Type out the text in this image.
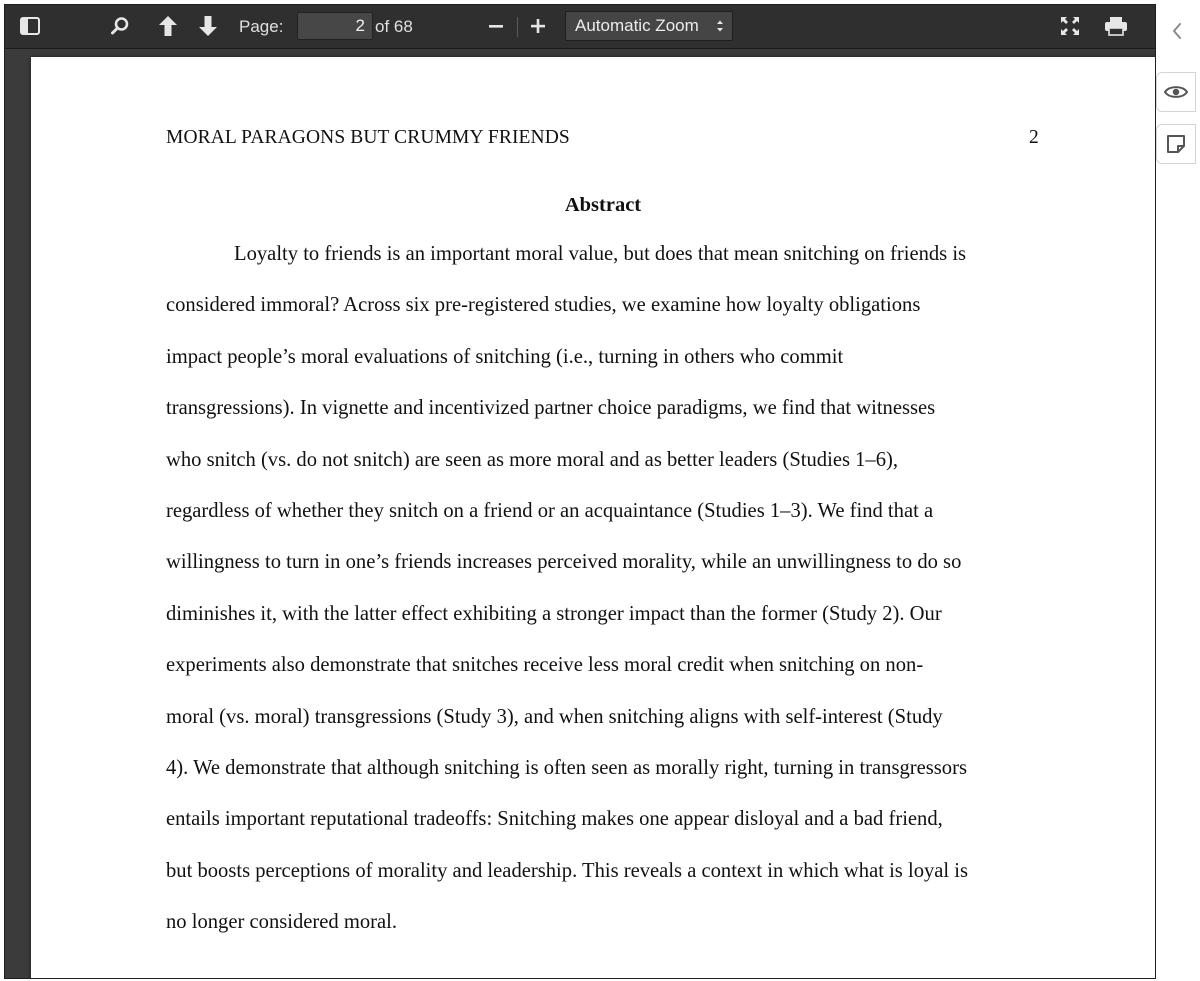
Page:	2 of 68	Automatic Zoom
MORAL PARAGONS BUT CRUMMY FRIENDS	2
Abstract
Loyalty to friends is an important moral value, but does that mean snitching on friends is
considered immoral? Across six pre-registered studies, we examine how loyalty obligations
impact people’s moral evaluations of snitching (i.e., turning in others who commit
transgressions). In vignette and incentivized partner choice paradigms, we find that witnesses
who snitch (vs. do not snitch) are seen as more moral and as better leaders (Studies 1–6),
regardless of whether they snitch on a friend or an acquaintance (Studies 1–3). We find that a
willingness to turn in one’s friends increases perceived morality, while an unwillingness to do so
diminishes it, with the latter effect exhibiting a stronger impact than the former (Study 2). Our
experiments also demonstrate that snitches receive less moral credit when snitching on non-
moral (vs. moral) transgressions (Study 3), and when snitching aligns with self-interest (Study
4). We demonstrate that although snitching is often seen as morally right, turning in transgressors
entails important reputational tradeoffs: Snitching makes one appear disloyal and a bad friend,
but boosts perceptions of morality and leadership. This reveals a context in which what is loyal is
no longer considered moral.
